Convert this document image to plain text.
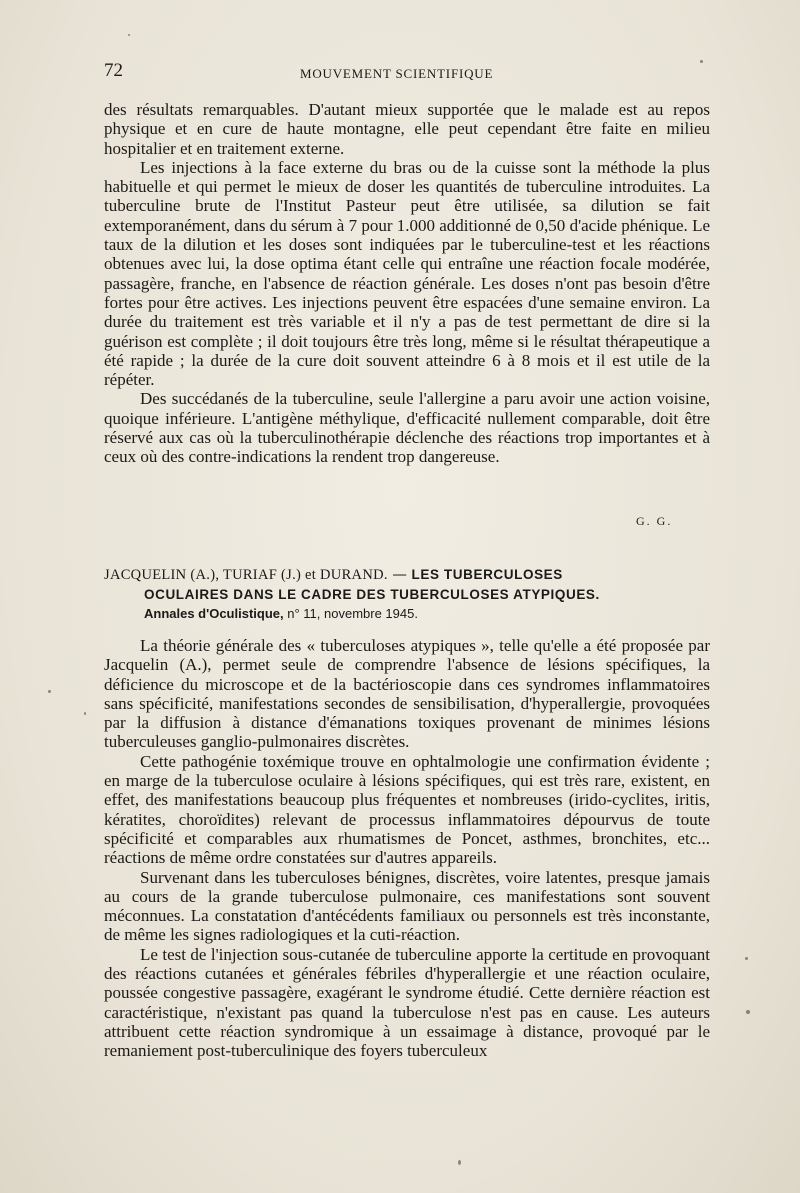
72	MOUVEMENT SCIENTIFIQUE

des résultats remarquables. D'autant mieux supportée que le malade est au repos physique et en cure de haute montagne, elle peut cependant être faite en milieu hospitalier et en traitement externe.

Les injections à la face externe du bras ou de la cuisse sont la méthode la plus habituelle et qui permet le mieux de doser les quantités de tuberculine introduites. La tuberculine brute de l'Institut Pasteur peut être utilisée, sa dilution se fait extemporanément, dans du sérum à 7 pour 1.000 additionné de 0,50 d'acide phénique. Le taux de la dilution et les doses sont indiquées par le tuberculine-test et les réactions obtenues avec lui, la dose optima étant celle qui entraîne une réaction focale modérée, passagère, franche, en l'absence de réaction générale. Les doses n'ont pas besoin d'être fortes pour être actives. Les injections peuvent être espacées d'une semaine environ. La durée du traitement est très variable et il n'y a pas de test permettant de dire si la guérison est complète ; il doit toujours être très long, même si le résultat thérapeutique a été rapide ; la durée de la cure doit souvent atteindre 6 à 8 mois et il est utile de la répéter.

Des succédanés de la tuberculine, seule l'allergine a paru avoir une action voisine, quoique inférieure. L'antigène méthylique, d'efficacité nullement comparable, doit être réservé aux cas où la tuberculinothérapie déclenche des réactions trop importantes et à ceux où des contre-indications la rendent trop dangereuse.

G. G.
JACQUELIN (A.), TURIAF (J.) et DURAND. — LES TUBERCULOSES
OCULAIRES DANS LE CADRE DES TUBERCULOSES ATYPIQUES.
Annales d'Oculistique, n° 11, novembre 1945.

La théorie générale des « tuberculoses atypiques », telle qu'elle a été proposée par Jacquelin (A.), permet seule de comprendre l'absence de lésions spécifiques, la déficience du microscope et de la bactérioscopie dans ces syndromes inflammatoires sans spécificité, manifestations secondes de sensibilisation, d'hyperallergie, provoquées par la diffusion à distance d'émanations toxiques provenant de minimes lésions tuberculeuses ganglio-pulmonaires discrètes.

Cette pathogénie toxémique trouve en ophtalmologie une confirmation évidente ; en marge de la tuberculose oculaire à lésions spécifiques, qui est très rare, existent, en effet, des manifestations beaucoup plus fréquentes et nombreuses (irido-cyclites, iritis, kératites, choroïdites) relevant de processus inflammatoires dépourvus de toute spécificité et comparables aux rhumatismes de Poncet, asthmes, bronchites, etc... réactions de même ordre constatées sur d'autres appareils.

Survenant dans les tuberculoses bénignes, discrètes, voire latentes, presque jamais au cours de la grande tuberculose pulmonaire, ces manifestations sont souvent méconnues. La constatation d'antécédents familiaux ou personnels est très inconstante, de même les signes radiologiques et la cuti-réaction.

Le test de l'injection sous-cutanée de tuberculine apporte la certitude en provoquant des réactions cutanées et générales fébriles d'hyperallergie et une réaction oculaire, poussée congestive passagère, exagérant le syndrome étudié. Cette dernière réaction est caractéristique, n'existant pas quand la tuberculose n'est pas en cause. Les auteurs attribuent cette réaction syndromique à un essaimage à distance, provoqué par le remaniement post-tuberculinique des foyers tuberculeux
